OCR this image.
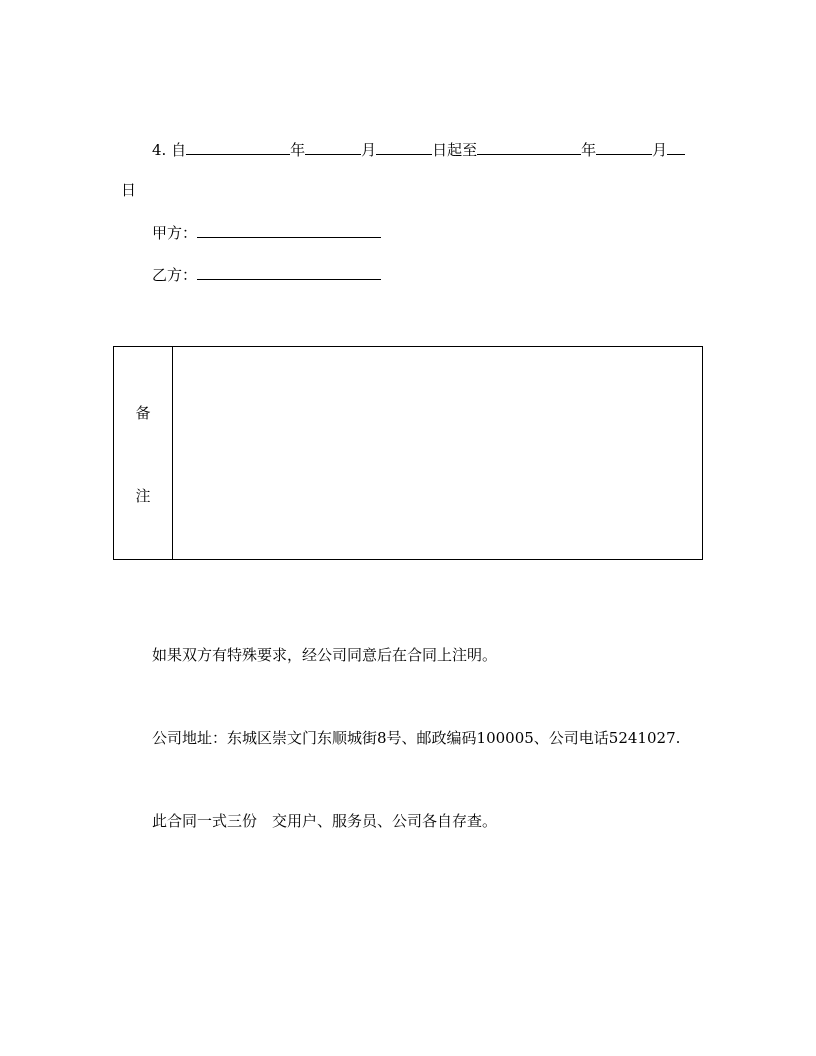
4. 自	年	月	日起至	年	月
日
甲方：
乙方：
备
注
如果双方有特殊要求，经公司同意后在合同上注明。
公司地址：东城区崇文门东顺城街8号、邮政编码100005、公司电话5241027.
此合同一式三份　交用户、服务员、公司各自存查。
